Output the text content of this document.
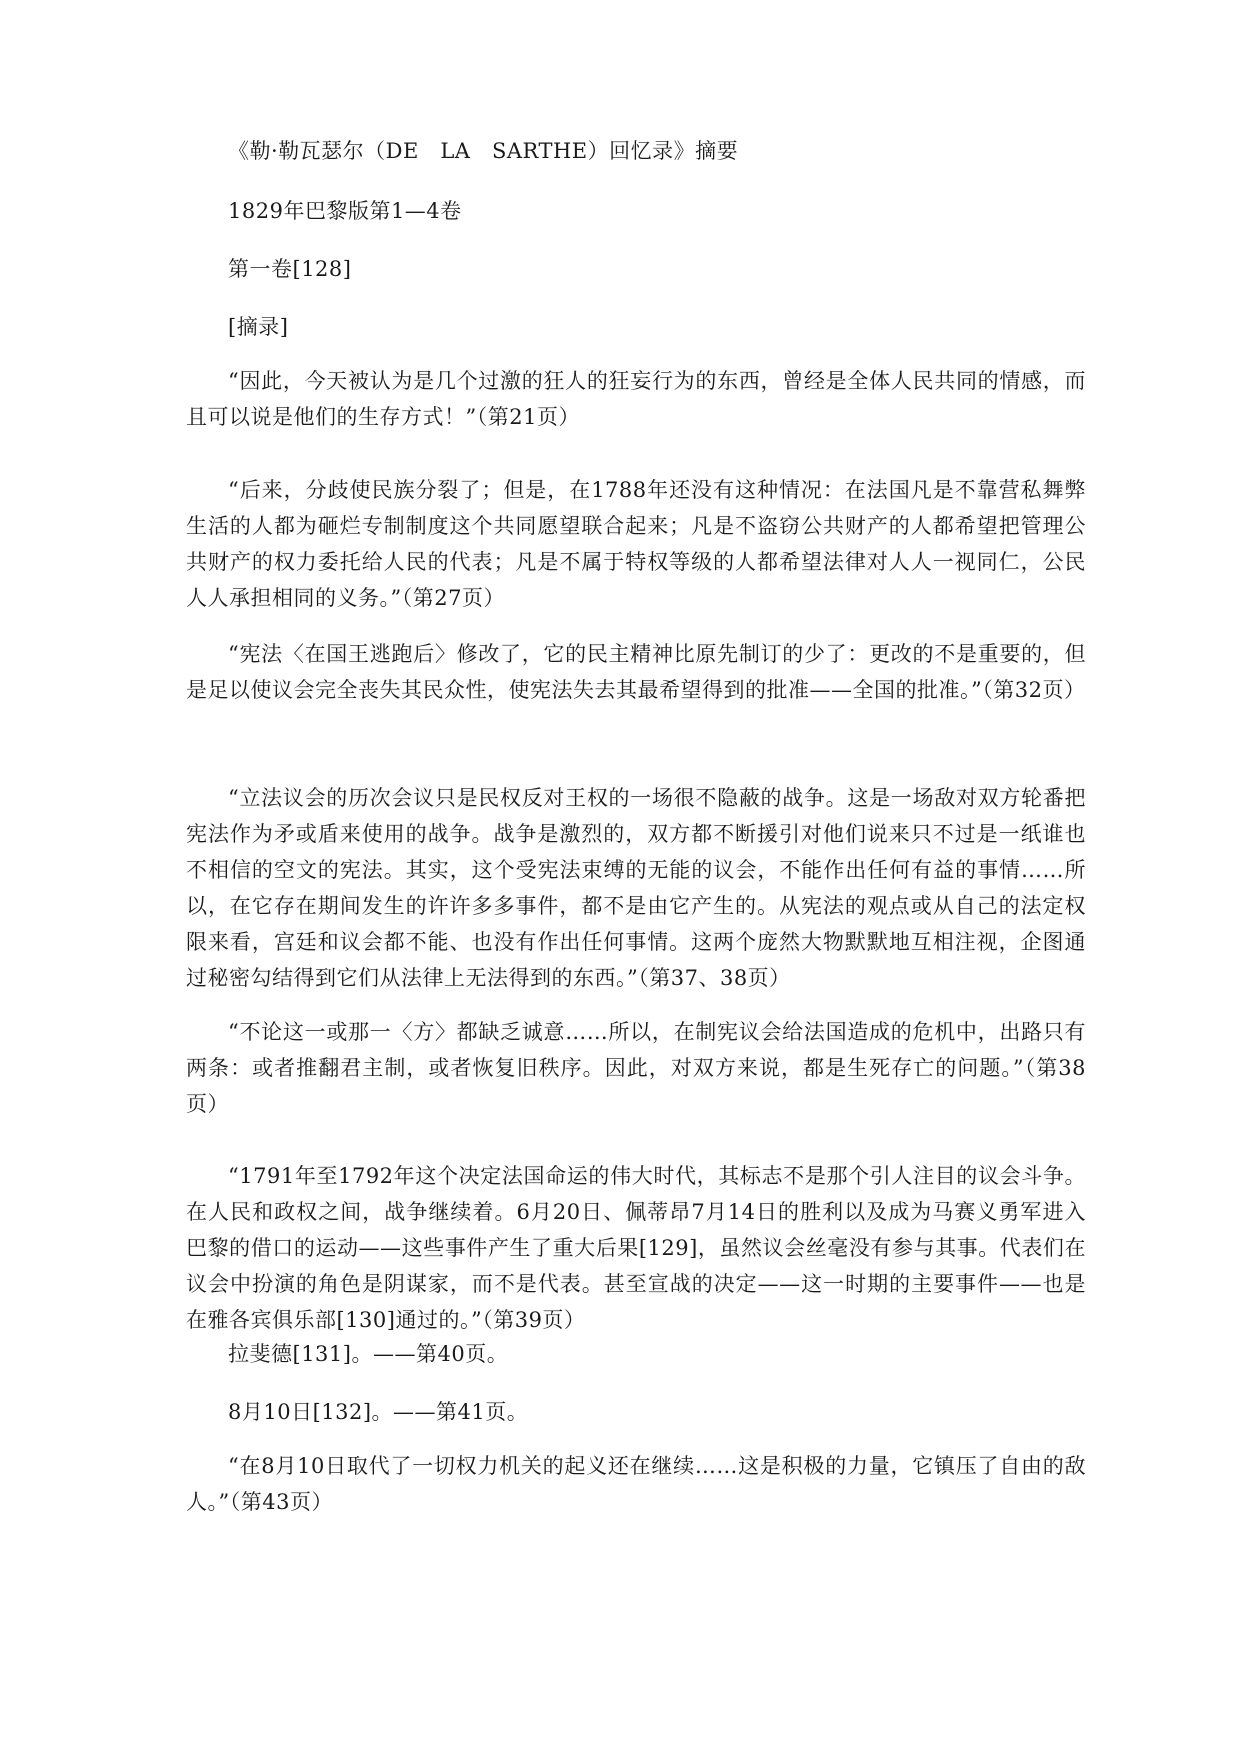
《勒·勒瓦瑟尔（DE　LA　SARTHE）回忆录》摘要
1829年巴黎版第1—4卷
第一卷[128]
[摘录]
“因此，今天被认为是几个过激的狂人的狂妄行为的东西，曾经是全体人民共同的情感，而且可以说是他们的生存方式！”（第21页）
“后来，分歧使民族分裂了；但是，在1788年还没有这种情况：在法国凡是不靠营私舞弊生活的人都为砸烂专制制度这个共同愿望联合起来；凡是不盗窃公共财产的人都希望把管理公共财产的权力委托给人民的代表；凡是不属于特权等级的人都希望法律对人人一视同仁，公民人人承担相同的义务。”（第27页）
“宪法〈在国王逃跑后〉修改了，它的民主精神比原先制订的少了：更改的不是重要的，但是足以使议会完全丧失其民众性，使宪法失去其最希望得到的批准——全国的批准。”（第32页）
“立法议会的历次会议只是民权反对王权的一场很不隐蔽的战争。这是一场敌对双方轮番把宪法作为矛或盾来使用的战争。战争是激烈的，双方都不断援引对他们说来只不过是一纸谁也不相信的空文的宪法。其实，这个受宪法束缚的无能的议会，不能作出任何有益的事情……所以，在它存在期间发生的许许多多事件，都不是由它产生的。从宪法的观点或从自己的法定权限来看，宫廷和议会都不能、也没有作出任何事情。这两个庞然大物默默地互相注视，企图通过秘密勾结得到它们从法律上无法得到的东西。”（第37、38页）
“不论这一或那一〈方〉都缺乏诚意……所以，在制宪议会给法国造成的危机中，出路只有两条：或者推翻君主制，或者恢复旧秩序。因此，对双方来说，都是生死存亡的问题。”（第38页）
“1791年至1792年这个决定法国命运的伟大时代，其标志不是那个引人注目的议会斗争。在人民和政权之间，战争继续着。6月20日、佩蒂昂7月14日的胜利以及成为马赛义勇军进入巴黎的借口的运动——这些事件产生了重大后果[129]，虽然议会丝毫没有参与其事。代表们在议会中扮演的角色是阴谋家，而不是代表。甚至宣战的决定——这一时期的主要事件——也是在雅各宾俱乐部[130]通过的。”（第39页）
拉斐德[131]。——第40页。
8月10日[132]。——第41页。
“在8月10日取代了一切权力机关的起义还在继续……这是积极的力量，它镇压了自由的敌人。”（第43页）
